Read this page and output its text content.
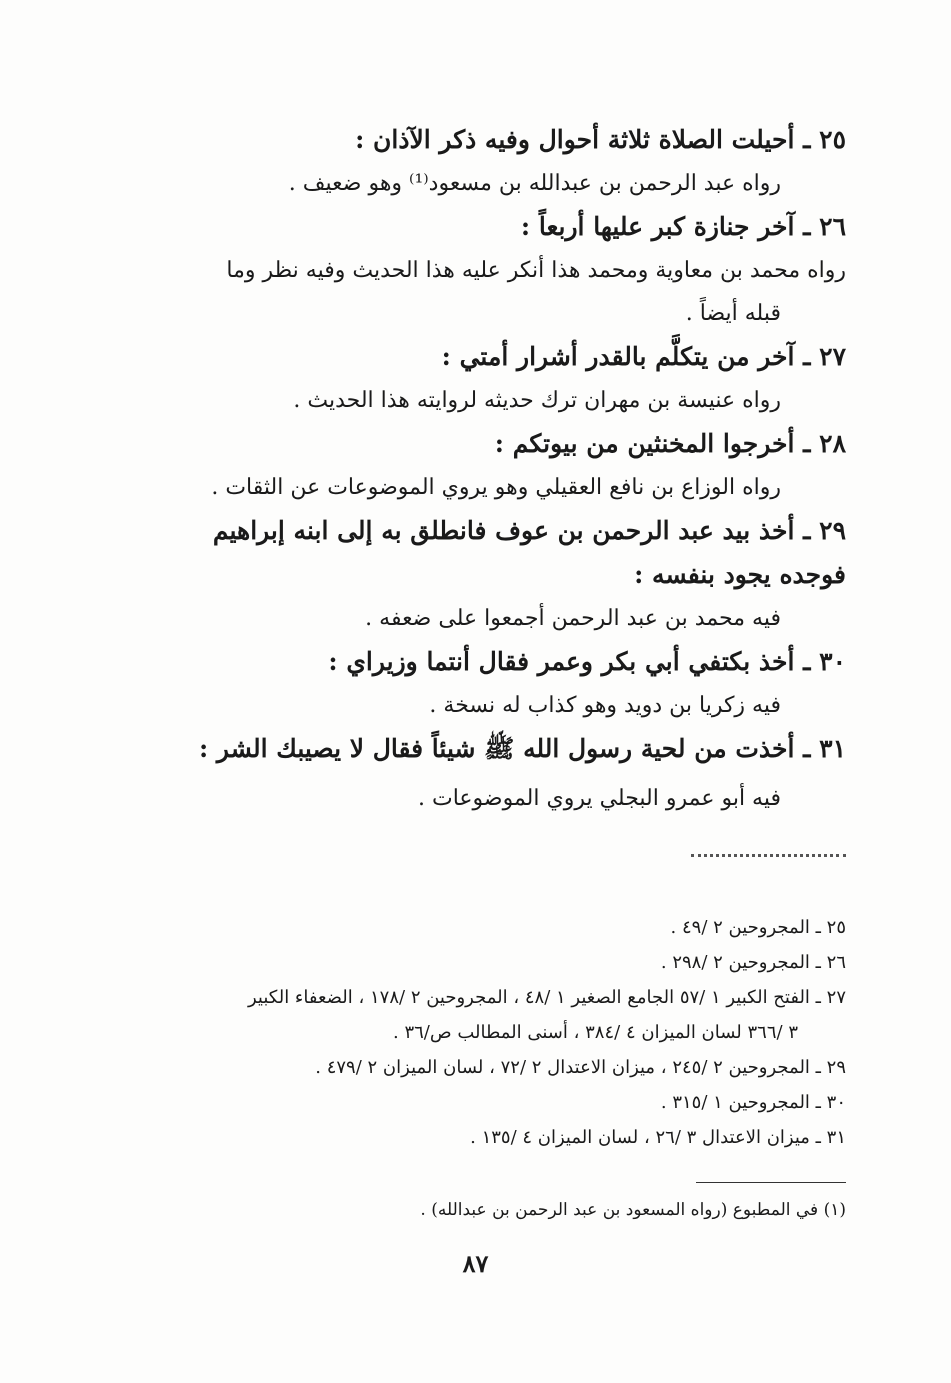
٢٥ ـ أحيلت الصلاة ثلاثة أحوال وفيه ذكر الآذان :

رواه عبد الرحمن بن عبدالله بن مسعود⁽¹⁾ وهو ضعيف .

٢٦ ـ آخر جنازة كبر عليها أربعاً :

رواه محمد بن معاوية ومحمد هذا أنكر عليه هذا الحديث وفيه نظر وما

قبله أيضاً .

٢٧ ـ آخر من يتكلَّم بالقدر أشرار أمتي :

رواه عنيسة بن مهران ترك حديثه لروايته هذا الحديث .

٢٨ ـ أخرجوا المخنثين من بيوتكم :

رواه الوزاع بن نافع العقيلي وهو يروي الموضوعات عن الثقات .

٢٩ ـ أخذ بيد عبد الرحمن بن عوف فانطلق به إلى ابنه إبراهيم فوجده يجود بنفسه :

فيه محمد بن عبد الرحمن أجمعوا على ضعفه .

٣٠ ـ أخذ بكتفي أبي بكر وعمر فقال أنتما وزيراي :

فيه زكريا بن دويد وهو كذاب له نسخة .

٣١ ـ أخذت من لحية رسول الله ﷺ شيئاً فقال لا يصيبك الشر :

فيه أبو عمرو البجلي يروي الموضوعات .

٢٥ ـ المجروحين ٢ /٤٩ .

٢٦ ـ المجروحين ٢ /٢٩٨ .

٢٧ ـ الفتح الكبير ١ /٥٧ الجامع الصغير ١ /٤٨ ، المجروحين ٢ /١٧٨ ، الضعفاء الكبير

٣ /٣٦٦ لسان الميزان ٤ /٣٨٤ ، أسنى المطالب ص/٣٦ .

٢٩ ـ المجروحين ٢ /٢٤٥ ، ميزان الاعتدال ٢ /٧٢ ، لسان الميزان ٢ /٤٧٩ .

٣٠ ـ المجروحين ١ /٣١٥ .

٣١ ـ ميزان الاعتدال ٣ /٢٦ ، لسان الميزان ٤ /١٣٥ .

(١) في المطبوع (رواه المسعود بن عبد الرحمن بن عبدالله) .
٨٧
